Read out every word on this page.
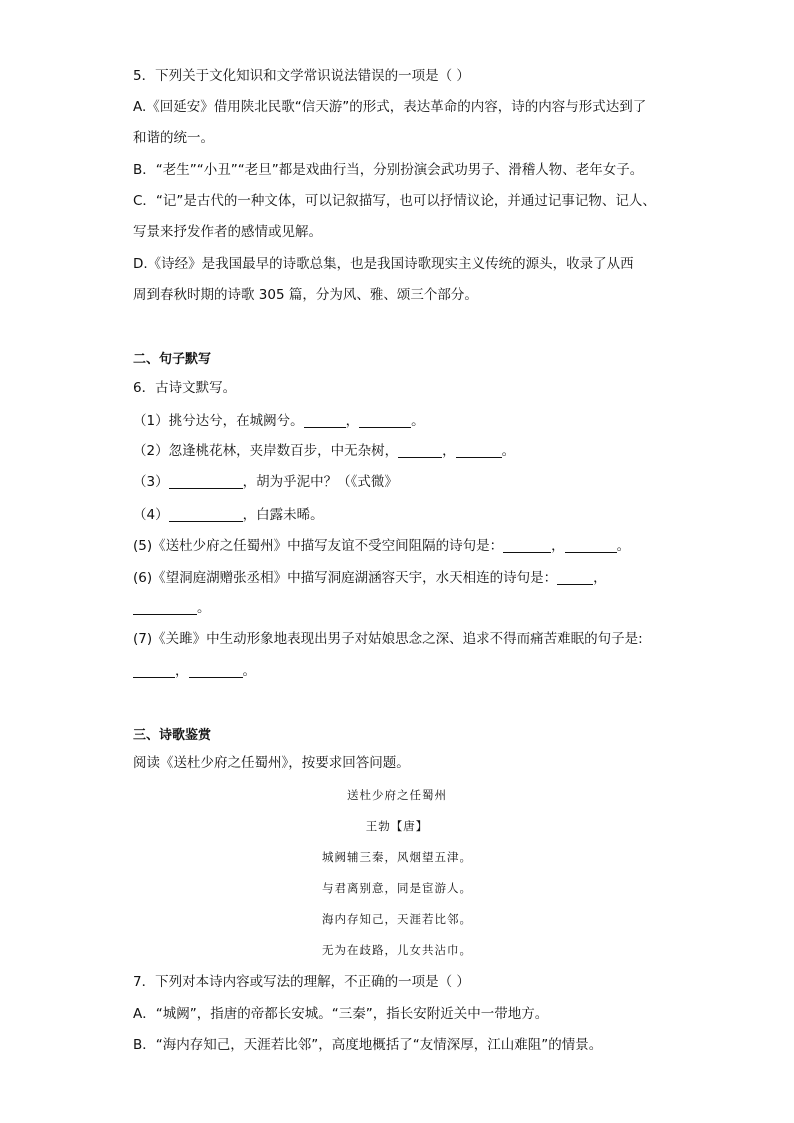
5．下列关于文化知识和文学常识说法错误的一项是（ ）
A.《回延安》借用陕北民歌“信天游”的形式，表达革命的内容，诗的内容与形式达到了
和谐的统一。
B．“老生”“小丑”“老旦”都是戏曲行当，分别扮演会武功男子、滑稽人物、老年女子。
C．“记”是古代的一种文体，可以记叙描写，也可以抒情议论，并通过记事记物、记人、
写景来抒发作者的感情或见解。
D.《诗经》是我国最早的诗歌总集，也是我国诗歌现实主义传统的源头，收录了从西
周到春秋时期的诗歌 305 篇，分为风、雅、颂三个部分。
二、句子默写
6．古诗文默写。
（1）挑兮达兮，在城阙兮。	，	。
（2）忽逢桃花林，夹岸数百步，中无杂树，	，	。
（3）	，胡为乎泥中？（《式微》
（4）	，白露未晞。
(5)《送杜少府之任蜀州》中描写友谊不受空间阻隔的诗句是：	，	。
(6)《望洞庭湖赠张丞相》中描写洞庭湖涵容天宇，水天相连的诗句是：	，
。
(7)《关雎》中生动形象地表现出男子对姑娘思念之深、追求不得而痛苦难眠的句子是:
，	。
三、诗歌鉴赏
阅读《送杜少府之任蜀州》，按要求回答问题。
送杜少府之任蜀州
王勃【唐】
城阙辅三秦，风烟望五津。
与君离别意，同是宦游人。
海内存知己，天涯若比邻。
无为在歧路，儿女共沾巾。
7．下列对本诗内容或写法的理解，不正确的一项是（ ）
A．“城阙”，指唐的帝都长安城。“三秦”，指长安附近关中一带地方。
B．“海内存知己，天涯若比邻”，高度地概括了“友情深厚，江山难阻”的情景。
